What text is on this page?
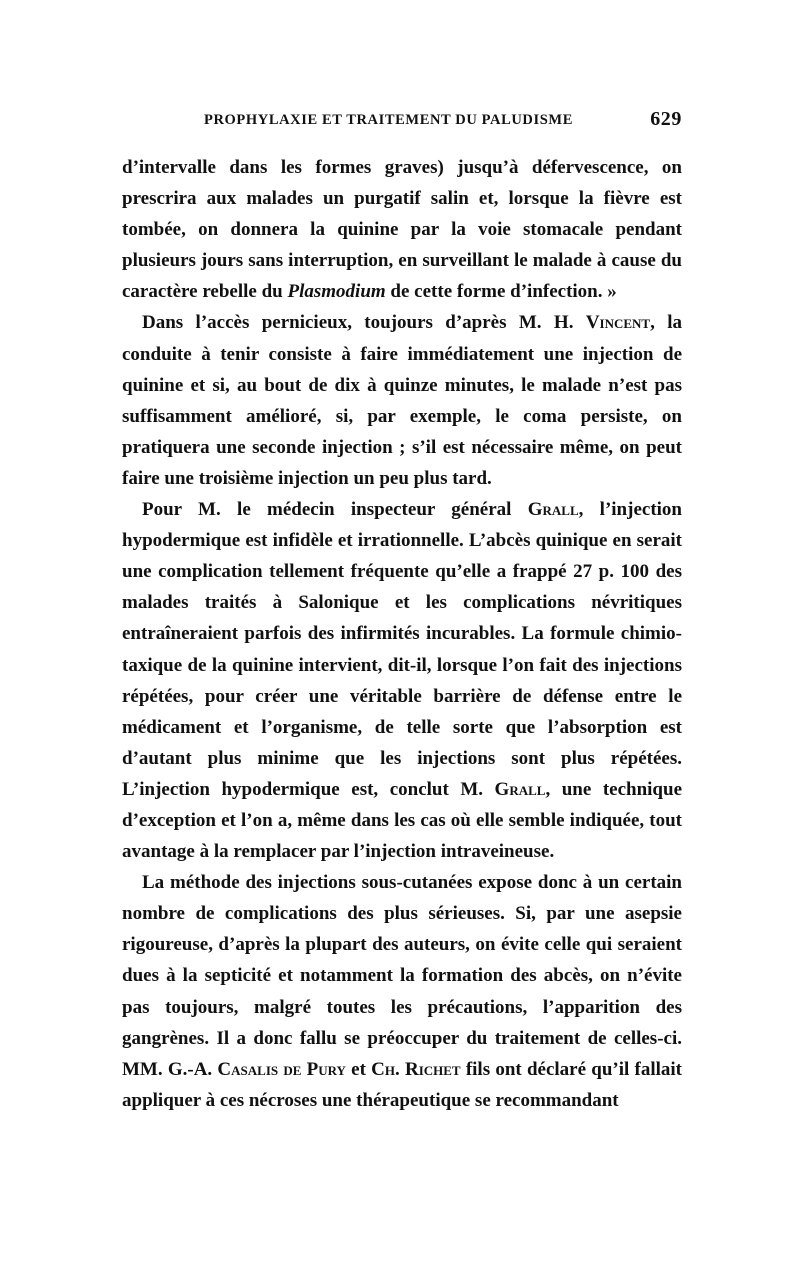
PROPHYLAXIE ET TRAITEMENT DU PALUDISME	629

d’intervalle dans les formes graves) jusqu’à défervescence, on prescrira aux malades un purgatif salin et, lorsque la fièvre est tombée, on donnera la quinine par la voie stomacale pendant plusieurs jours sans interruption, en surveillant le malade à cause du caractère rebelle du Plasmodium de cette forme d’infection. »

Dans l’accès pernicieux, toujours d’après M. H. Vincent, la conduite à tenir consiste à faire immédiatement une injection de quinine et si, au bout de dix à quinze minutes, le malade n’est pas suffisamment amélioré, si, par exemple, le coma persiste, on pratiquera une seconde injection ; s’il est nécessaire même, on peut faire une troisième injection un peu plus tard.

Pour M. le médecin inspecteur général Grall, l’injection hypodermique est infidèle et irrationnelle. L’abcès quinique en serait une complication tellement fréquente qu’elle a frappé 27 p. 100 des malades traités à Salonique et les complications névritiques entraîneraient parfois des infirmités incurables. La formule chimio-taxique de la quinine intervient, dit-il, lorsque l’on fait des injections répétées, pour créer une véritable barrière de défense entre le médicament et l’organisme, de telle sorte que l’absorption est d’autant plus minime que les injections sont plus répétées. L’injection hypodermique est, conclut M. Grall, une technique d’exception et l’on a, même dans les cas où elle semble indiquée, tout avantage à la remplacer par l’injection intraveineuse.

La méthode des injections sous-cutanées expose donc à un certain nombre de complications des plus sérieuses. Si, par une asepsie rigoureuse, d’après la plupart des auteurs, on évite celle qui seraient dues à la septicité et notamment la formation des abcès, on n’évite pas toujours, malgré toutes les précautions, l’apparition des gangrènes. Il a donc fallu se préoccuper du traitement de celles-ci. MM. G.-A. Casalis de Pury et Ch. Richet fils ont déclaré qu’il fallait appliquer à ces nécroses une thérapeutique se recommandant
